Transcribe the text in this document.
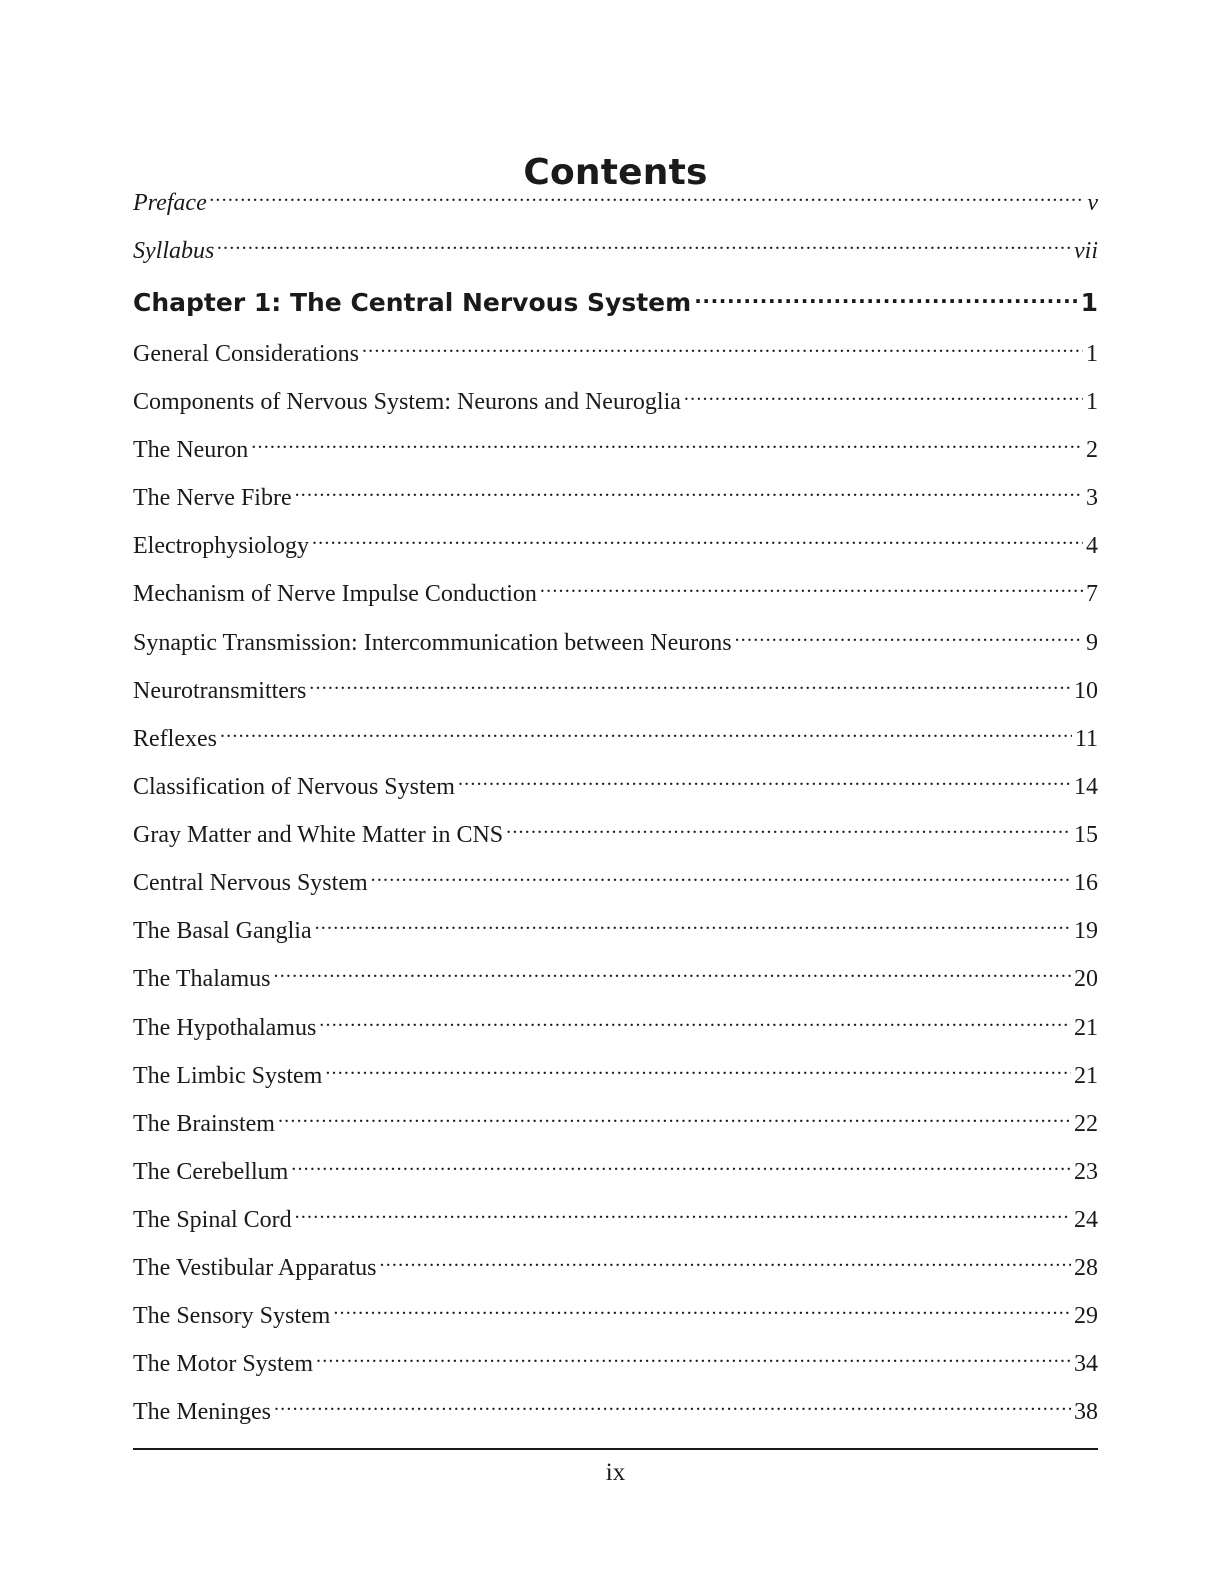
Contents
Preface .....	v
Syllabus .....	vii
Chapter 1: The Central Nervous System .....	1
General Considerations .....	1
Components of Nervous System: Neurons and Neuroglia .....	1
The Neuron .....	2
The Nerve Fibre .....	3
Electrophysiology .....	4
Mechanism of Nerve Impulse Conduction .....	7
Synaptic Transmission: Intercommunication between Neurons .....	9
Neurotransmitters .....	10
Reflexes .....	11
Classification of Nervous System .....	14
Gray Matter and White Matter in CNS .....	15
Central Nervous System .....	16
The Basal Ganglia .....	19
The Thalamus .....	20
The Hypothalamus .....	21
The Limbic System .....	21
The Brainstem .....	22
The Cerebellum .....	23
The Spinal Cord .....	24
The Vestibular Apparatus .....	28
The Sensory System .....	29
The Motor System .....	34
The Meninges .....	38
ix
